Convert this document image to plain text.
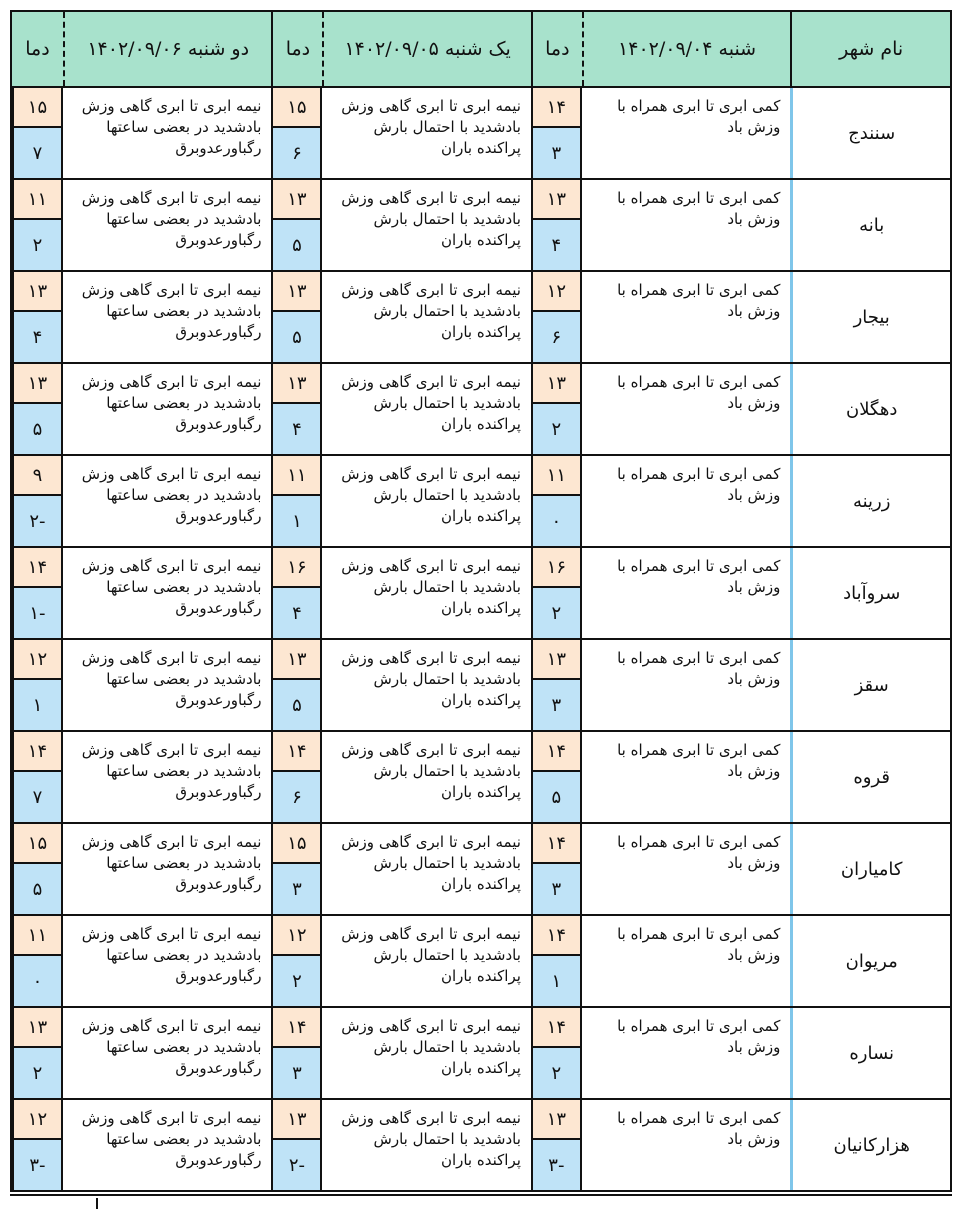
نام شهر
شنبه ۱۴۰۲/۰۹/۰۴
دما
یک شنبه ۱۴۰۲/۰۹/۰۵
دما
دو شنبه ۱۴۰۲/۰۹/۰۶
دما
سنندج
کمی ابری تا ابری همراه با وزش باد
۱۴
۳
نیمه ابری تا ابری گاهی وزش بادشدید با احتمال بارش پراکنده باران
۱۵
۶
نیمه ابری تا ابری گاهی وزش بادشدید در بعضی ساعتها رگباورعدوبرق
۱۵
۷
بانه
کمی ابری تا ابری همراه با وزش باد
۱۳
۴
نیمه ابری تا ابری گاهی وزش بادشدید با احتمال بارش پراکنده باران
۱۳
۵
نیمه ابری تا ابری گاهی وزش بادشدید در بعضی ساعتها رگباورعدوبرق
۱۱
۲
بیجار
کمی ابری تا ابری همراه با وزش باد
۱۲
۶
نیمه ابری تا ابری گاهی وزش بادشدید با احتمال بارش پراکنده باران
۱۳
۵
نیمه ابری تا ابری گاهی وزش بادشدید در بعضی ساعتها رگباورعدوبرق
۱۳
۴
دهگلان
کمی ابری تا ابری همراه با وزش باد
۱۳
۲
نیمه ابری تا ابری گاهی وزش بادشدید با احتمال بارش پراکنده باران
۱۳
۴
نیمه ابری تا ابری گاهی وزش بادشدید در بعضی ساعتها رگباورعدوبرق
۱۳
۵
زرینه
کمی ابری تا ابری همراه با وزش باد
۱۱
۰
نیمه ابری تا ابری گاهی وزش بادشدید با احتمال بارش پراکنده باران
۱۱
۱
نیمه ابری تا ابری گاهی وزش بادشدید در بعضی ساعتها رگباورعدوبرق
۹
-۲
سروآباد
کمی ابری تا ابری همراه با وزش باد
۱۶
۲
نیمه ابری تا ابری گاهی وزش بادشدید با احتمال بارش پراکنده باران
۱۶
۴
نیمه ابری تا ابری گاهی وزش بادشدید در بعضی ساعتها رگباورعدوبرق
۱۴
-۱
سقز
کمی ابری تا ابری همراه با وزش باد
۱۳
۳
نیمه ابری تا ابری گاهی وزش بادشدید با احتمال بارش پراکنده باران
۱۳
۵
نیمه ابری تا ابری گاهی وزش بادشدید در بعضی ساعتها رگباورعدوبرق
۱۲
۱
قروه
کمی ابری تا ابری همراه با وزش باد
۱۴
۵
نیمه ابری تا ابری گاهی وزش بادشدید با احتمال بارش پراکنده باران
۱۴
۶
نیمه ابری تا ابری گاهی وزش بادشدید در بعضی ساعتها رگباورعدوبرق
۱۴
۷
کامیاران
کمی ابری تا ابری همراه با وزش باد
۱۴
۳
نیمه ابری تا ابری گاهی وزش بادشدید با احتمال بارش پراکنده باران
۱۵
۳
نیمه ابری تا ابری گاهی وزش بادشدید در بعضی ساعتها رگباورعدوبرق
۱۵
۵
مریوان
کمی ابری تا ابری همراه با وزش باد
۱۴
۱
نیمه ابری تا ابری گاهی وزش بادشدید با احتمال بارش پراکنده باران
۱۲
۲
نیمه ابری تا ابری گاهی وزش بادشدید در بعضی ساعتها رگباورعدوبرق
۱۱
۰
نساره
کمی ابری تا ابری همراه با وزش باد
۱۴
۲
نیمه ابری تا ابری گاهی وزش بادشدید با احتمال بارش پراکنده باران
۱۴
۳
نیمه ابری تا ابری گاهی وزش بادشدید در بعضی ساعتها رگباورعدوبرق
۱۳
۲
هزارکانیان
کمی ابری تا ابری همراه با وزش باد
۱۳
-۳
نیمه ابری تا ابری گاهی وزش بادشدید با احتمال بارش پراکنده باران
۱۳
-۲
نیمه ابری تا ابری گاهی وزش بادشدید در بعضی ساعتها رگباورعدوبرق
۱۲
-۳
